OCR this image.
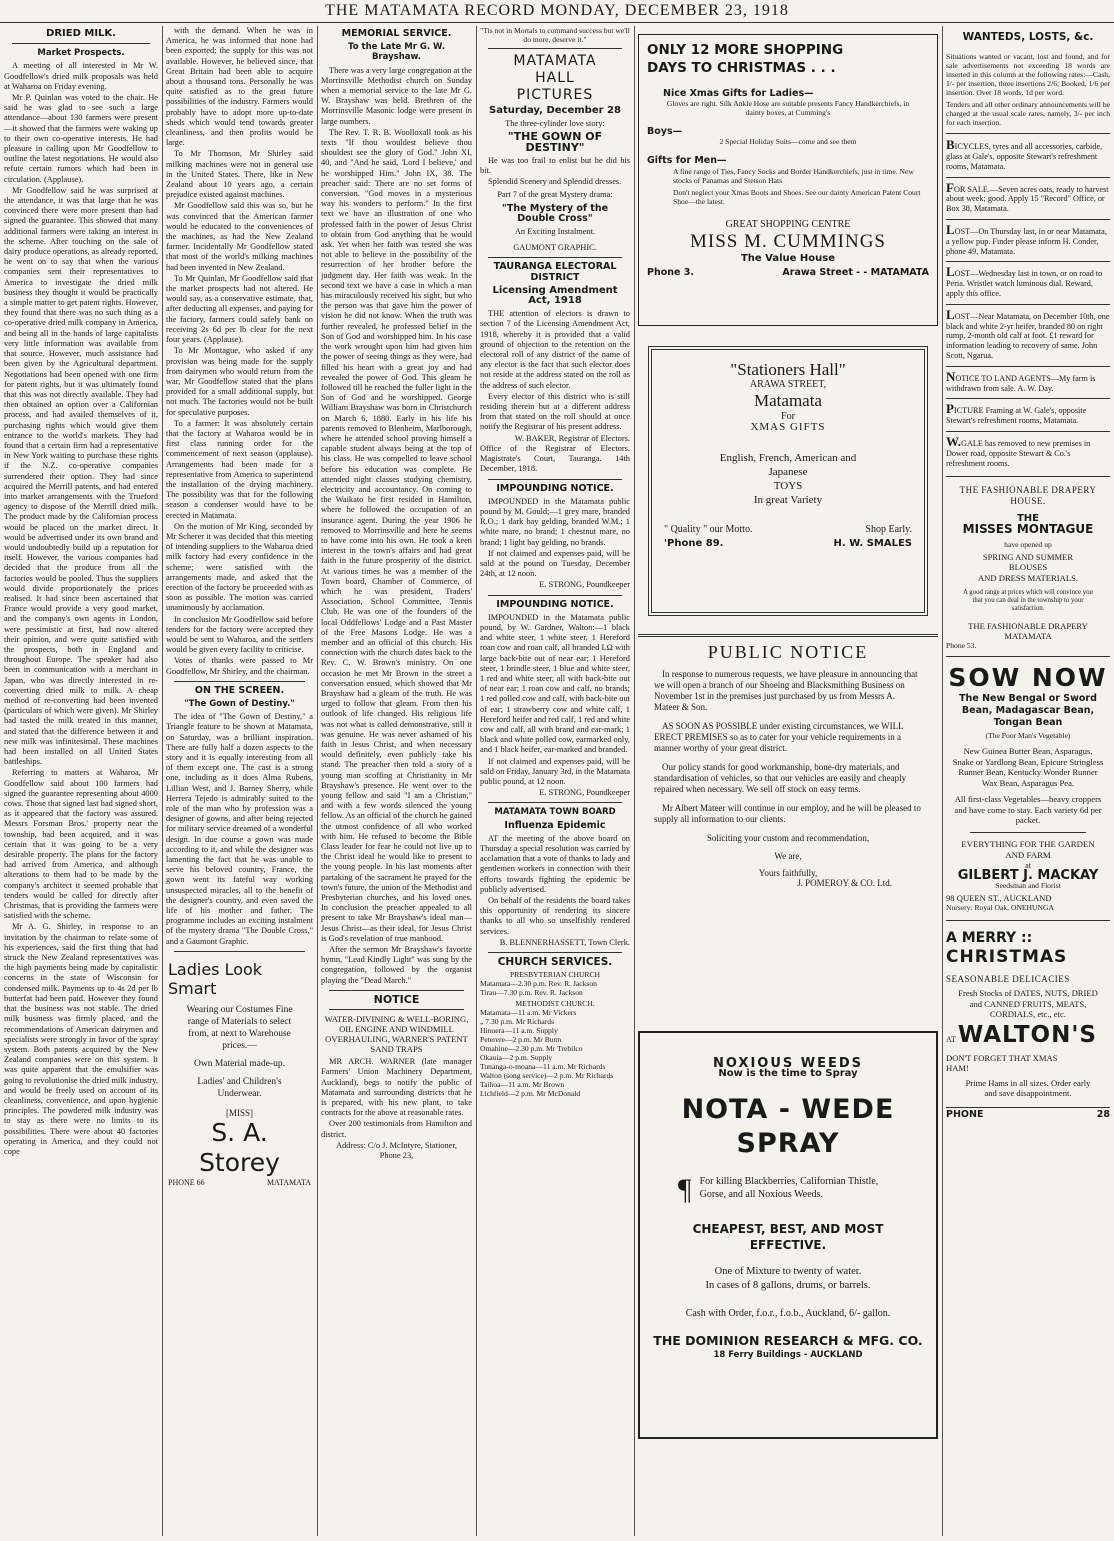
THE MATAMATA RECORD MONDAY, DECEMBER 23, 1918
DRIED MILK.
Market Prospects.

A meeting of all interested in Mr W. Goodfellow's dried milk proposals was held at Waharoa on Friday evening.

Mr P. Quinlan was voted to the chair. He said he was glad to see such a large attendance—about 130 farmers were present—it showed that the farmers were waking up to their own co-operative interests. He had pleasure in calling upon Mr Goodfellow to outline the latest negotiations. He would also refute certain rumors which had been in circulation. (Applause).

Mr Goodfellow said he was surprised at the attendance, it was that large that he was convinced there were more present than had signed the guarantee. This showed that many additional farmers were taking an interest in the scheme. After touching on the sale of dairy produce operations, as already reported, he went on to say that when the various companies sent their representatives to America to investigate the dried milk business they thought it would be practically a simple matter to get patent rights. However, they found that there was no such thing as a co-operative dried milk company in America, and being all in the hands of large capitalists very little information was available from that source. However, much assistance had been given by the Agricultural department. Negotiations had been opened with one firm for patent rights, but it was ultimately found that this was not directly available. They had then obtained an option over a Californian process, and had availed themselves of it, purchasing rights which would give them entrance to the world's markets. They had found that a certain firm had a representative in New York waiting to purchase these rights if the N.Z. co-operative companies surrendered their option. They had since acquired the Merrill patents, and had entered into market arrangements with the Trueford agency to dispose of the Merrill dried milk. The product made by the Californian process would be placed on the market direct. It would be advertised under its own brand and would undoubtedly build up a reputation for itself. However, the various companies had decided that the produce from all the factories would be pooled. Thus the suppliers would divide proportionately the prices realised. It had since been ascertained that France would provide a very good market, and the company's own agents in London, were pessimistic at first, had now altered their opinion, and were quite satisfied with the prospects, both in England and throughout Europe. The speaker had also been in communication with a merchant in Japan, who was directly interested in re-converting dried milk to milk. A cheap method of re-converting had been invented (particulars of which were given). Mr Shirley had tasted the milk treated in this manner, and stated that the difference between it and new milk was infinitesimal. These machines had been installed on all United States battleships.

Referring to matters at Waharoa, Mr Goodfellow said about 100 farmers had signed the guarantee representing about 4000 cows. Those that signed last had signed short, as it appeared that the factory was assured. Messrs Forsman Bros.' property near the township, had been acquired, and it was certain that it was going to be a very desirable property. The plans for the factory had arrived from America, and although alterations to them had to be made by the company's architect it seemed probable that tenders would be called for directly after Christmas, that is providing the farmers were satisfied with the scheme.

Mr A. G. Shirley, in response to an invitation by the chairman to relate some of his experiences, said the first thing that had struck the New Zealand representatives was the high payments being made by capitalistic concerns in the state of Wisconsin for condensed milk. Payments up to 4s 2d per lb butterfat had been paid. However they found that the business was not stable. The dried milk business was firmly placed, and the recommendations of American dairymen and specialists were strongly in favor of the spray system. Both patents acquired by the New Zealand companies were on this system. It was quite apparent that the emulsifier was going to revolutionise the dried milk industry, and would be freely used on account of its cleanliness, convenience, and upon hygienic principles. The powdered milk industry was to stay as there were no limits to its possibilities. There were about 40 factories operating in America, and they could not cope

with the demand. When he was in America, he was informed that none had been exported; the supply for this was not available. However, he believed since, that Great Britain had been able to acquire about a thousand tons. Personally he was quite satisfied as to the great future possibilities of the industry. Farmers would probably have to adopt more up-to-date sheds which would tend towards greater cleanliness, and then profits would be large.

To Mr Thomson, Mr Shirley said milking machines were not in general use in the United States. There, like in New Zealand about 10 years ago, a certain prejudice existed against machines.

Mr Goodfellow said this was so, but he was convinced that the American farmer would be educated to the conveniences of the machines, as had the New Zealand farmer. Incidentally Mr Goodfellow stated that most of the world's milking machines had been invented in New Zealand.

To Mr Quinlan, Mr Goodfellow said that the market prospects had not altered. He would say, as a conservative estimate, that, after deducting all expenses, and paying for the factory, farmers could safely bank on receiving 2s 6d per lb clear for the next four years. (Applause).

To Mr Montague, who asked if any provision was being made for the supply from dairymen who would return from the war, Mr Goodfellow stated that the plans provided for a small additional supply, but not much. The factories would not be built for speculative purposes.

To a farmer: It was absolutely certain that the factory at Waharoa would be in first class running order for the commencement of next season (applause). Arrangements had been made for a representative from America to superintend the installation of the drying machinery. The possibility was that for the following season a condenser would have to be erected in Matamata.

On the motion of Mr King, seconded by Mr Scherer it was decided that this meeting of intending suppliers to the Waharoa dried milk factory had every confidence in the scheme; were satisfied with the arrangements made, and asked that the erection of the factory be proceeded with as soon as possible. The motion was carried unanimously by acclamation.

In conclusion Mr Goodfellow said before tenders for the factory were accepted they would be sent to Waharoa, and the settlers would be given every facility to criticise.

Votes of thanks were passed to Mr Goodfellow, Mr Shirley, and the chairman.

ON THE SCREEN.
"The Gown of Destiny."

The idea of "The Gown of Destiny," a Triangle feature to be shown at Matamata, on Saturday, was a brilliant inspiration. There are fully half a dozen aspects to the story and it is equally interesting from all of them except one. The cast is a strong one, including as it does Alma Rubens, Lillian West, and J. Barney Sherry, while Herrera Tejedo is admirably suited to the role of the man who by profession was a designer of gowns, and after being rejected for military service dreamed of a wonderful design. In due course a gown was made according to it, and while the designer was lamenting the fact that he was unable to serve his beloved country, France, the gown went its fateful way working unsuspected miracles, all to the benefit of the designer's country, and even saved the life of his mother and father. The programme includes an exciting instalment of the mystery drama "The Double Cross," and a Gaumont Graphic.

Ladies Look
Smart
Wearing our Costumes Fine range of Materials to select from, at next to Warehouse prices.—
Own Material made-up.
Ladies' and Children's Underwear.
[MISS]
S. A. Storey
PHONE 66	MATAMATA
MEMORIAL SERVICE.
To the Late Mr G. W. Brayshaw.

There was a very large congregation at the Morrinsville Methodist church on Sunday when a memorial service to the late Mr G. W. Brayshaw was held. Brethren of the Morrinsville Masonic lodge were present in large numbers.

The Rev. T. R. B. Woolloxall took as his texts "If thou wouldest believe thou shouldest see the glory of God." John XI, 40, and "And he said, 'Lord I believe,' and he worshipped Him." John IX, 38. The preacher said: There are no set forms of conversion. "God moves in a mysterious way his wonders to perform." In the first text we have an illustration of one who professed faith in the power of Jesus Christ to obtain from God anything that he would ask. Yet when her faith was tested she was not able to believe in the possibility of the resurrection of her brother before the judgment day. Her faith was weak. In the second text we have a case in which a man has miraculously received his sight, but who the person was that gave him the power of vision he did not know. When the truth was further revealed, he professed belief in the Son of God and worshipped him. In his case the work wrought upon him had given him the power of seeing things as they were, had filled his heart with a great joy and had revealed the power of God. This gleam he followed till he reached the fuller light in the Son of God and he worshipped. George William Brayshaw was born in Christchurch on March 6, 1880. Early in his life his parents removed to Blenheim, Marlborough, where he attended school proving himself a capable student always being at the top of his class. He was compelled to leave school before his education was complete. He attended night classes studying chemistry, electricity and accountancy. On coming to the Waikato he first resided in Hamilton, where he followed the occupation of an insurance agent. During the year 1906 he removed to Morrinsville and here he seems to have come into his own. He took a keen interest in the town's affairs and had great faith in the future prosperity of the district. At various times he was a member of the Town board, Chamber of Commerce, of which he was president, Traders' Association, School Committee, Tennis Club. He was one of the founders of the local Oddfellows' Lodge and a Past Master of the Free Masons Lodge. He was a member and an official of this church. His connection with the church dates back to the Rev. C. W. Brown's ministry. On one occasion he met Mr Brown in the street a conversation ensued, which showed that Mr Brayshaw had a gleam of the truth. He was urged to follow that gleam. From then his outlook of life changed. His religious life was not what is called demonstrative, still it was genuine. He was never ashamed of his faith in Jesus Christ, and when necessary would definitely, even publicly take his stand. The preacher then told a story of a young man scoffing at Christianity in Mr Brayshaw's presence. He went over to the young fellow and said "I am a Christian," and with a few words silenced the young fellow. As an official of the church he gained the utmost confidence of all who worked with him. He refused to become the Bible Class leader for fear he could not live up to the Christ ideal he would like to present to the young people. In his last moments after partaking of the sacrament he prayed for the town's future, the union of the Methodist and Presbyterian churches, and his loved ones. In conclusion the preacher appealed to all present to take Mr Brayshaw's ideal man—Jesus Christ—as their ideal, for Jesus Christ is God's revelation of true manhood.

After the sermon Mr Brayshaw's favorite hymn, "Lead Kindly Light" was sung by the congregation, followed by the organist playing the "Dead March."

NOTICE
WATER-DIVINING & WELL-BORING, OIL ENGINE AND WINDMILL OVERHAULING, WARNER'S PATENT SAND TRAPS

MR ARCH. WARNER (late manager Farmers' Union Machinery Department, Auckland), begs to notify the public of Matamata and surrounding districts that he is prepared, with his new plant, to take contracts for the above at reasonable rates.

Over 200 testimonials from Hamilton and district.

Address: C/o J. McIntyre, Stationer, Phone 23,
"Tis not in Mortals to command success but we'll do more, deserve it."
MATAMATA HALL PICTURES
Saturday, December 28
The three-cylinder love story:
"THE GOWN OF DESTINY"

He was too frail to enlist but he did his bit.

Splendid Scenery and Splendid dresses.

Part 7 of the great Mystery drama:
"The Mystery of the Double Cross"
An Exciting Instalment.
GAUMONT GRAPHIC.
TAURANGA ELECTORAL DISTRICT
Licensing Amendment Act, 1918

THE attention of electors is drawn to section 7 of the Licensing Amendment Act, 1918, whereby it is provided that a valid ground of objection to the retention on the electoral roll of any district of the name of any elector is the fact that such elector does not reside at the address stated on the roll as the address of such elector.

Every elector of this district who is still residing therein but at a different address from that stated on the roll should at once notify the Registrar of his present address.

W. BAKER, Registrar of Electors.
Office of the Registrar of Electors. Magistrate's Court, Tauranga. 14th December, 1918.
IMPOUNDING NOTICE.

IMPOUNDED in the Matamata public pound by M. Gould;—1 grey mare, branded R.O.; 1 dark bay gelding, branded W.M.; 1 white mare, no brand; 1 chestnut mare, no brand; 1 light bay gelding, no brands.

If not claimed and expenses paid, will be sold at the pound on Tuesday, December 24th, at 12 noon.

E. STRONG, Poundkeeper
IMPOUNDING NOTICE.

IMPOUNDED in the Matamata public pound, by W. Gardner, Walton:—1 black and white steer, 1 white steer, 1 Hereford roan cow and roan calf, all branded LΩ with large back-bite out of near ear; 1 Hereford steer, 1 brindle steer, 1 blue and white steer, 1 red and white steer, all with back-bite out of near ear; 1 roan cow and calf, no brands; 1 red polled cow and calf, with back-bite out of ear; 1 strawberry cow and white calf, 1 Hereford heifer and red calf, 1 red and white cow and calf, all with brand and ear-mark; 1 black and white polled cow, earmarked only, and 1 black heifer, ear-marked and branded.

If not claimed and expenses paid, will be sold on Friday, January 3rd, in the Matamata public pound, at 12 noon.

E. STRONG, Poundkeeper
MATAMATA TOWN BOARD
Influenza Epidemic

AT the meeting of the above board on Thursday a special resolution was carried by acclamation that a vote of thanks to lady and gentlemen workers in connection with their efforts towards fighting the epidemic be publicly advertised.

On behalf of the residents the board takes this opportunity of rendering its sincere thanks to all who so unselfishly rendered services.

B. BLENNERHASSETT, Town Clerk.
CHURCH SERVICES.
PRESBYTERIAN CHURCH
Matamata—2.30 p.m. Rev. R. Jackson
Tirau—7.30 p.m. Rev. R. Jackson
METHODIST CHURCH.
Matamata—11 a.m. Mr Vickers
„ 7.30 p.m. Mr Richards
Hinuera—11 a.m. Supply
Peterere—2 p.m. Mr Bunn
Omahine—2.30 p.m. Mr Trebilco
Okauia—2 p.m. Supply
Tunanga-o-moana—11 a.m. Mr Richards
Walton (song service)—2 p.m. Mr Richards
Taihoa—11 a.m. Mr Brown
Lichfield—2 p.m. Mr McDonald
ONLY 12 MORE SHOPPING
DAYS TO CHRISTMAS . . .
Nice Xmas Gifts for Ladies—
Gloves are right. Silk Ankle Hose are suitable presents Fancy Handkerchiefs, in dainty boxes, at Cumming's
Boys—
2 Special Holiday Suits—come and see them
Gifts for Men—
A fine range of Ties, Fancy Socks and Border Handkerchiefs, just in time. New stocks of Panamas and Stetson Hats
Don't neglect your Xmas Boots and Shoes. See our dainty American Patent Court Shoe—the latest.
GREAT SHOPPING CENTRE
MISS M. CUMMINGS
The Value House
Phone 3.	Arawa Street - - MATAMATA
"Stationers Hall"
ARAWA STREET,
Matamata
For
XMAS GIFTS
English, French, American and
Japanese
TOYS
In great Variety
" Quality " our Motto.	Shop Early.
'Phone 89.	H. W. SMALES
PUBLIC NOTICE

In response to numerous requests, we have pleasure in announcing that we will open a branch of our Shoeing and Blacksmithing Business on November 1st in the premises just purchased by us from Messrs A. Mateer & Son.

AS SOON AS POSSIBLE under existing circumstances, we WILL ERECT PREMISES so as to cater for your vehicle requirements in a manner worthy of your great district.

Our policy stands for good workmanship, bone-dry materials, and standardisation of vehicles, so that our vehicles are easily and cheaply repaired when necessary. We sell off stock on easy terms.

Mr Albert Mateer will continue in our employ, and he will be pleased to supply all information to our clients.

Soliciting your custom and recommendation,
We are,
Yours faithfully,
J. POMEROY & CO. Ltd.
NOXIOUS WEEDS
Now is the time to Spray
NOTA - WEDE SPRAY
¶ For killing Blackberries, Californian Thistle, Gorse, and all Noxious Weeds.
CHEAPEST, BEST, AND MOST EFFECTIVE.
One of Mixture to twenty of water.
In cases of 8 gallons, drums, or barrels.
Cash with Order, f.o.r., f.o.b., Auckland, 6/- gallon.
THE DOMINION RESEARCH & MFG. CO.
18 Ferry Buildings - AUCKLAND
WANTEDS, LOSTS, &c.
Situations wanted or vacant, lost and found, and for sale advertisements not exceeding 18 words are inserted in this column at the following rates:—Cash, 1/- per insertion, three insertions 2/6; Booked, 1/6 per insertion. Over 18 words, 1d per word.
Tenders and all other ordinary announcements will be charged at the usual scale rates, namely, 3/- per inch for each insertion.
BICYCLES, tyres and all accessories, carbide, glass at Gale's, opposite Stewart's refreshment rooms, Matamata.
FOR SALE.—Seven acres oats, ready to harvest about week; good. Apply 15 "Record" Office, or Box 38, Matamata.
LOST—On Thursday last, in or near Matamata, a yellow pup. Finder please inform H. Conder, phone 49, Matamata.
LOST—Wednesday last in town, or on road to Peria. Wristlet watch luminous dial. Reward, apply this office.
LOST—Near Matamata, on December 10th, one black and white 2-yr heifer, branded 80 on right rump, 2-month old calf at foot. £1 reward for information leading to recovery of same. John Scott, Ngarua.
NOTICE TO LAND AGENTS—My farm is withdrawn from sale. A. W. Day.
PICTURE Framing at W. Gale's, opposite Stewart's refreshment rooms, Matamata.
W.GALE has removed to new premises in Dower road, opposite Stewart & Co.'s refreshment rooms.
THE FASHIONABLE DRAPERY HOUSE.
THE
MISSES MONTAGUE
have opened up
SPRING AND SUMMER
BLOUSES
AND DRESS MATERIALS.
A good range at prices which will convince you that you can deal in the township to your satisfaction.
THE FASHIONABLE DRAPERY
MATAMATA
Phone 53.
SOW NOW
The New Bengal or Sword Bean, Madagascar Bean, Tongan Bean
(The Poor Man's Vegetable)
New Guinea Butter Bean, Asparagus, Snake or Yardlong Bean, Epicure Stringless Runner Bean, Kentucky Wonder Runner Wax Bean, Asparagus Pea.
All first-class Vegetables—heavy croppers and have come to stay. Each variety 6d per packet.
EVERYTHING FOR THE GARDEN AND FARM
at
GILBERT J. MACKAY
Seedsman and Florist
98 QUEEN ST., AUCKLAND
Nursery: Royal Oak, ONEHUNGA
A MERRY ::
CHRISTMAS
SEASONABLE DELICACIES
Fresh Stocks of DATES, NUTS, DRIED and CANNED FRUITS, MEATS, CORDIALS, etc., etc.
AT WALTON'S
DON'T FORGET THAT XMAS HAM!
Prime Hams in all sizes. Order early and save disappointment.
PHONE	28
